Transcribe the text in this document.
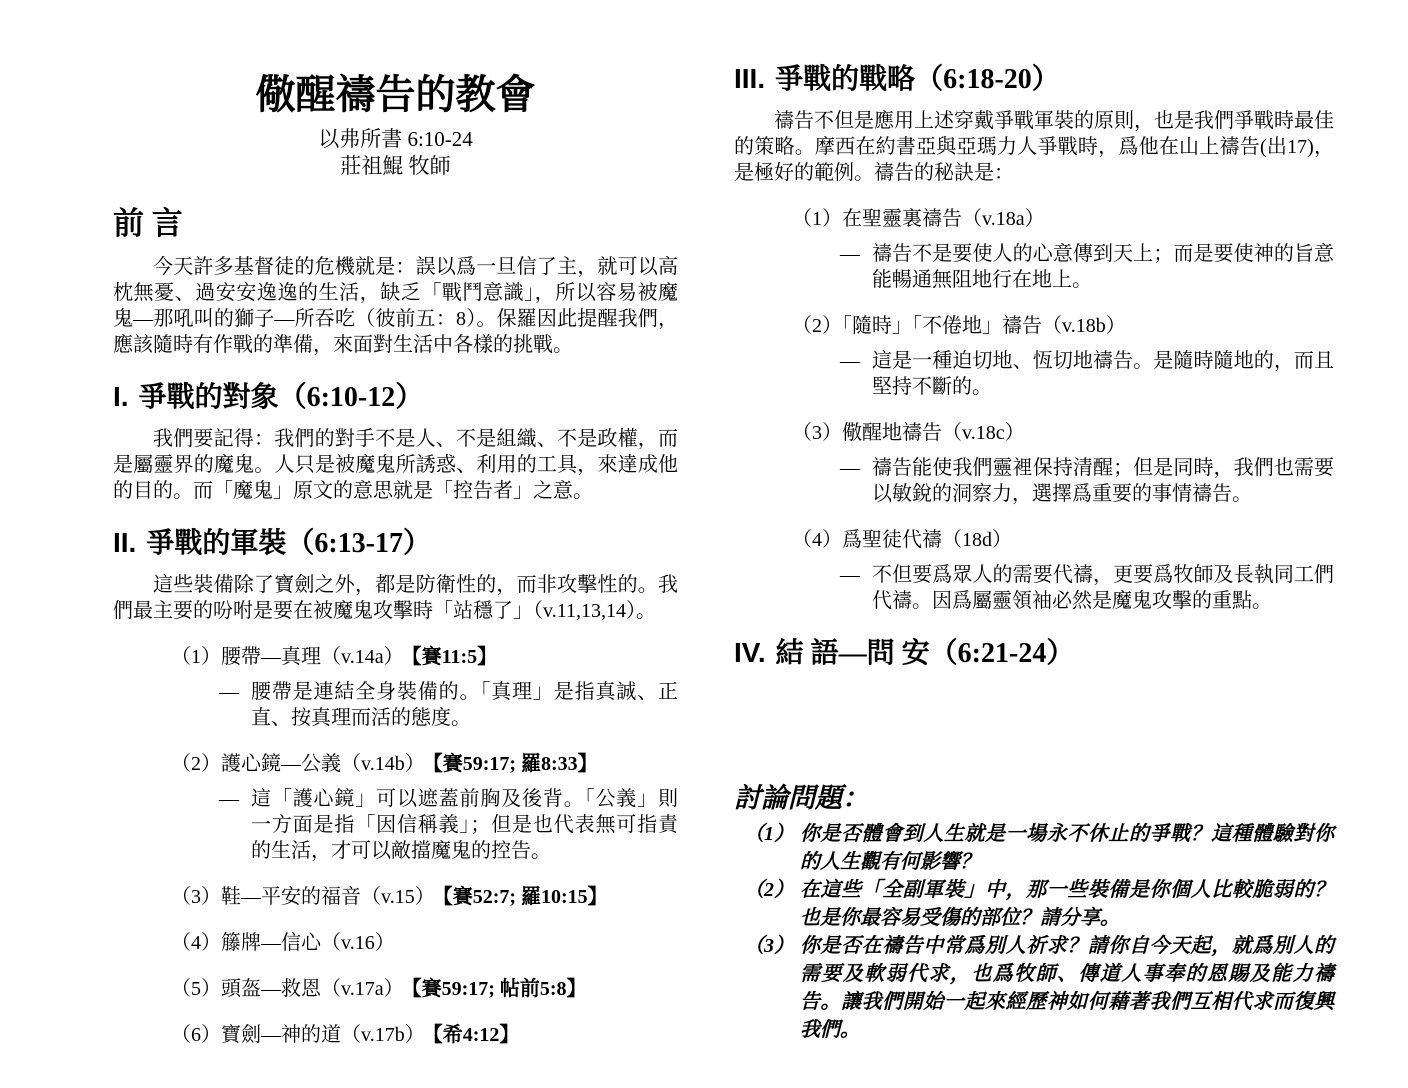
儆醒禱告的教會

以弗所書 6:10-24

莊祖鯤 牧師

前 言

今天許多基督徒的危機就是：誤以爲一旦信了主，就可以高枕無憂、過安安逸逸的生活，缺乏「戰鬥意識」，所以容易被魔鬼—那吼叫的獅子—所吞吃（彼前五：8）。保羅因此提醒我們，應該隨時有作戰的準備，來面對生活中各樣的挑戰。

I. 爭戰的對象（6:10-12）

我們要記得：我們的對手不是人、不是組織、不是政權，而是屬靈界的魔鬼。人只是被魔鬼所誘惑、利用的工具，來達成他的目的。而「魔鬼」原文的意思就是「控告者」之意。

II. 爭戰的軍裝（6:13-17）

這些裝備除了寶劍之外，都是防衛性的，而非攻擊性的。我們最主要的吩咐是要在被魔鬼攻擊時「站穩了」（v.11,13,14）。

（1）腰帶—真理（v.14a） 【賽11:5】
— 腰帶是連結全身裝備的。「真理」是指真誠、正直、按真理而活的態度。
（2）護心鏡—公義（v.14b） 【賽59:17; 羅8:33】
— 這「護心鏡」可以遮蓋前胸及後背。「公義」則一方面是指「因信稱義」；但是也代表無可指責的生活，才可以敵擋魔鬼的控告。
（3）鞋—平安的福音（v.15） 【賽52:7; 羅10:15】
（4）籐牌—信心（v.16）
（5）頭盔—救恩（v.17a） 【賽59:17; 帖前5:8】
（6）寶劍—神的道（v.17b） 【希4:12】
III. 爭戰的戰略（6:18-20）

禱告不但是應用上述穿戴爭戰軍裝的原則，也是我們爭戰時最佳的策略。摩西在約書亞與亞瑪力人爭戰時，爲他在山上禱告(出17)，是極好的範例。禱告的秘訣是：

（1）在聖靈裏禱告（v.18a）
— 禱告不是要使人的心意傳到天上；而是要使神的旨意能暢通無阻地行在地上。
（2）「隨時」「不倦地」禱告（v.18b）
— 這是一種迫切地、恆切地禱告。是隨時隨地的，而且堅持不斷的。
（3）儆醒地禱告（v.18c）
— 禱告能使我們靈裡保持清醒；但是同時，我們也需要以敏銳的洞察力，選擇爲重要的事情禱告。
（4）爲聖徒代禱（18d）
— 不但要爲眾人的需要代禱，更要爲牧師及長執同工們代禱。因爲屬靈領袖必然是魔鬼攻擊的重點。
IV. 結 語—問 安（6:21-24）
討論問題：
（1） 你是否體會到人生就是一場永不休止的爭戰？這種體驗對你的人生觀有何影響？
（2） 在這些「全副軍裝」中，那一些裝備是你個人比較脆弱的？也是你最容易受傷的部位？請分享。
（3） 你是否在禱告中常爲別人祈求？請你自今天起，就爲別人的需要及軟弱代求，也爲牧師、傳道人事奉的恩賜及能力禱告。讓我們開始一起來經歷神如何藉著我們互相代求而復興我們。
